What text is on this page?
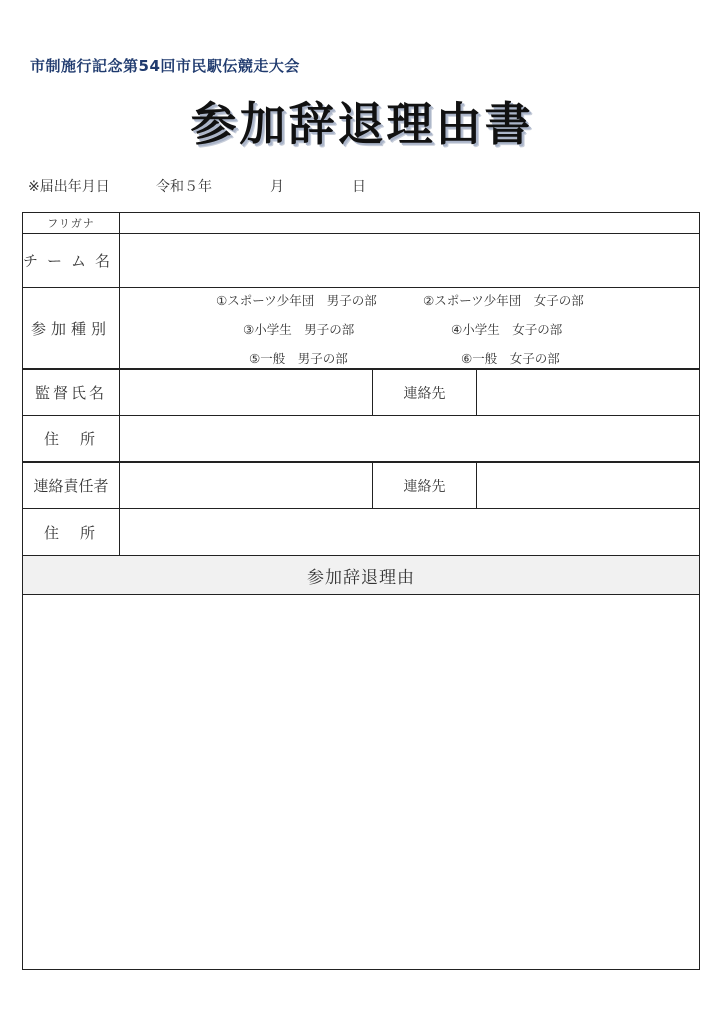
市制施行記念第54回市民駅伝競走大会
参加辞退理由書
※届出年月日	令和５年	月	日
フリガナ
チーム名
参加種別
①スポーツ少年団　男子の部	②スポーツ少年団　女子の部
③小学生　男子の部	④小学生　女子の部
⑤一般　男子の部	⑥一般　女子の部
監督氏名	連絡先
住　所
連絡責任者	連絡先
住　所
参加辞退理由
